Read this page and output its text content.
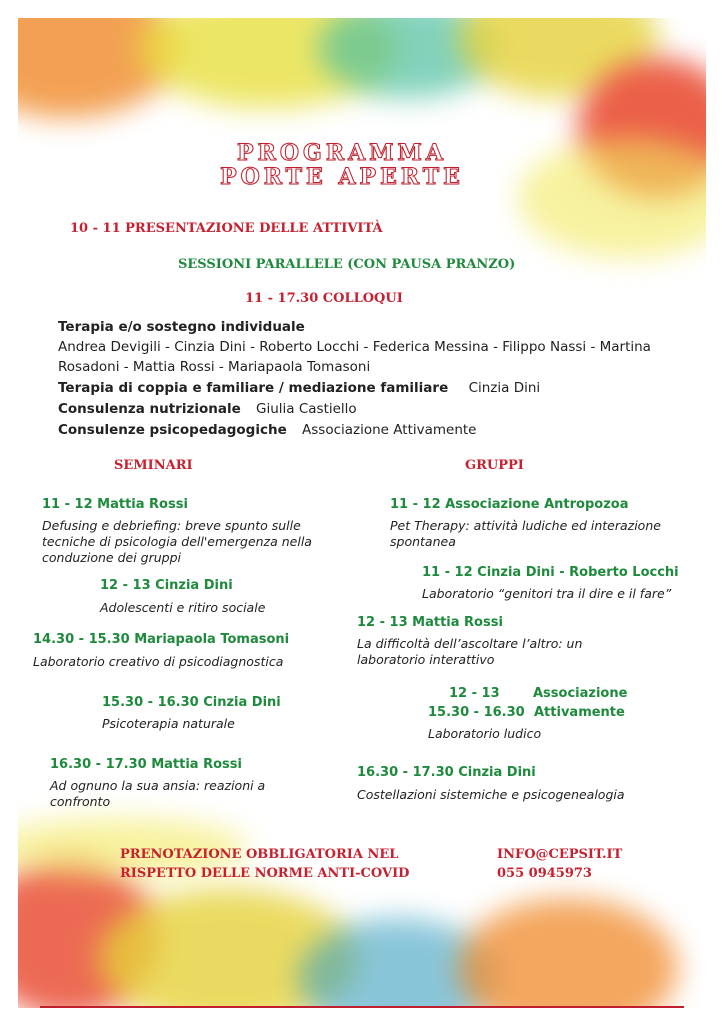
PROGRAMMA
PORTE APERTE
10 - 11 PRESENTAZIONE DELLE ATTIVITÀ
SESSIONI PARALLELE (CON PAUSA PRANZO)
11 - 17.30 COLLOQUI
Terapia e/o sostegno individuale
Andrea Devigili - Cinzia Dini - Roberto Locchi - Federica Messina - Filippo Nassi - Martina
Rosadoni - Mattia Rossi - Mariapaola Tomasoni
Terapia di coppia e familiare / mediazione familiare Cinzia Dini
Consulenza nutrizionale Giulia Castiello
Consulenze psicopedagogiche Associazione Attivamente
SEMINARI	GRUPPI
11 - 12 Mattia Rossi
Defusing e debriefing: breve spunto sulle tecniche di psicologia dell'emergenza nella conduzione dei gruppi
12 - 13 Cinzia Dini
Adolescenti e ritiro sociale
14.30 - 15.30 Mariapaola Tomasoni
Laboratorio creativo di psicodiagnostica
15.30 - 16.30 Cinzia Dini
Psicoterapia naturale
16.30 - 17.30 Mattia Rossi
Ad ognuno la sua ansia: reazioni a confronto
11 - 12 Associazione Antropozoa
Pet Therapy: attività ludiche ed interazione spontanea
11 - 12 Cinzia Dini - Roberto Locchi
Laboratorio “genitori tra il dire e il fare”
12 - 13 Mattia Rossi
La difficoltà dell’ascoltare l’altro: un laboratorio interattivo
12 - 13	Associazione
15.30 - 16.30 Attivamente
Laboratorio ludico
16.30 - 17.30 Cinzia Dini
Costellazioni sistemiche e psicogenealogia
PRENOTAZIONE OBBLIGATORIA NEL
RISPETTO DELLE NORME ANTI-COVID
INFO@CEPSIT.IT
055 0945973
